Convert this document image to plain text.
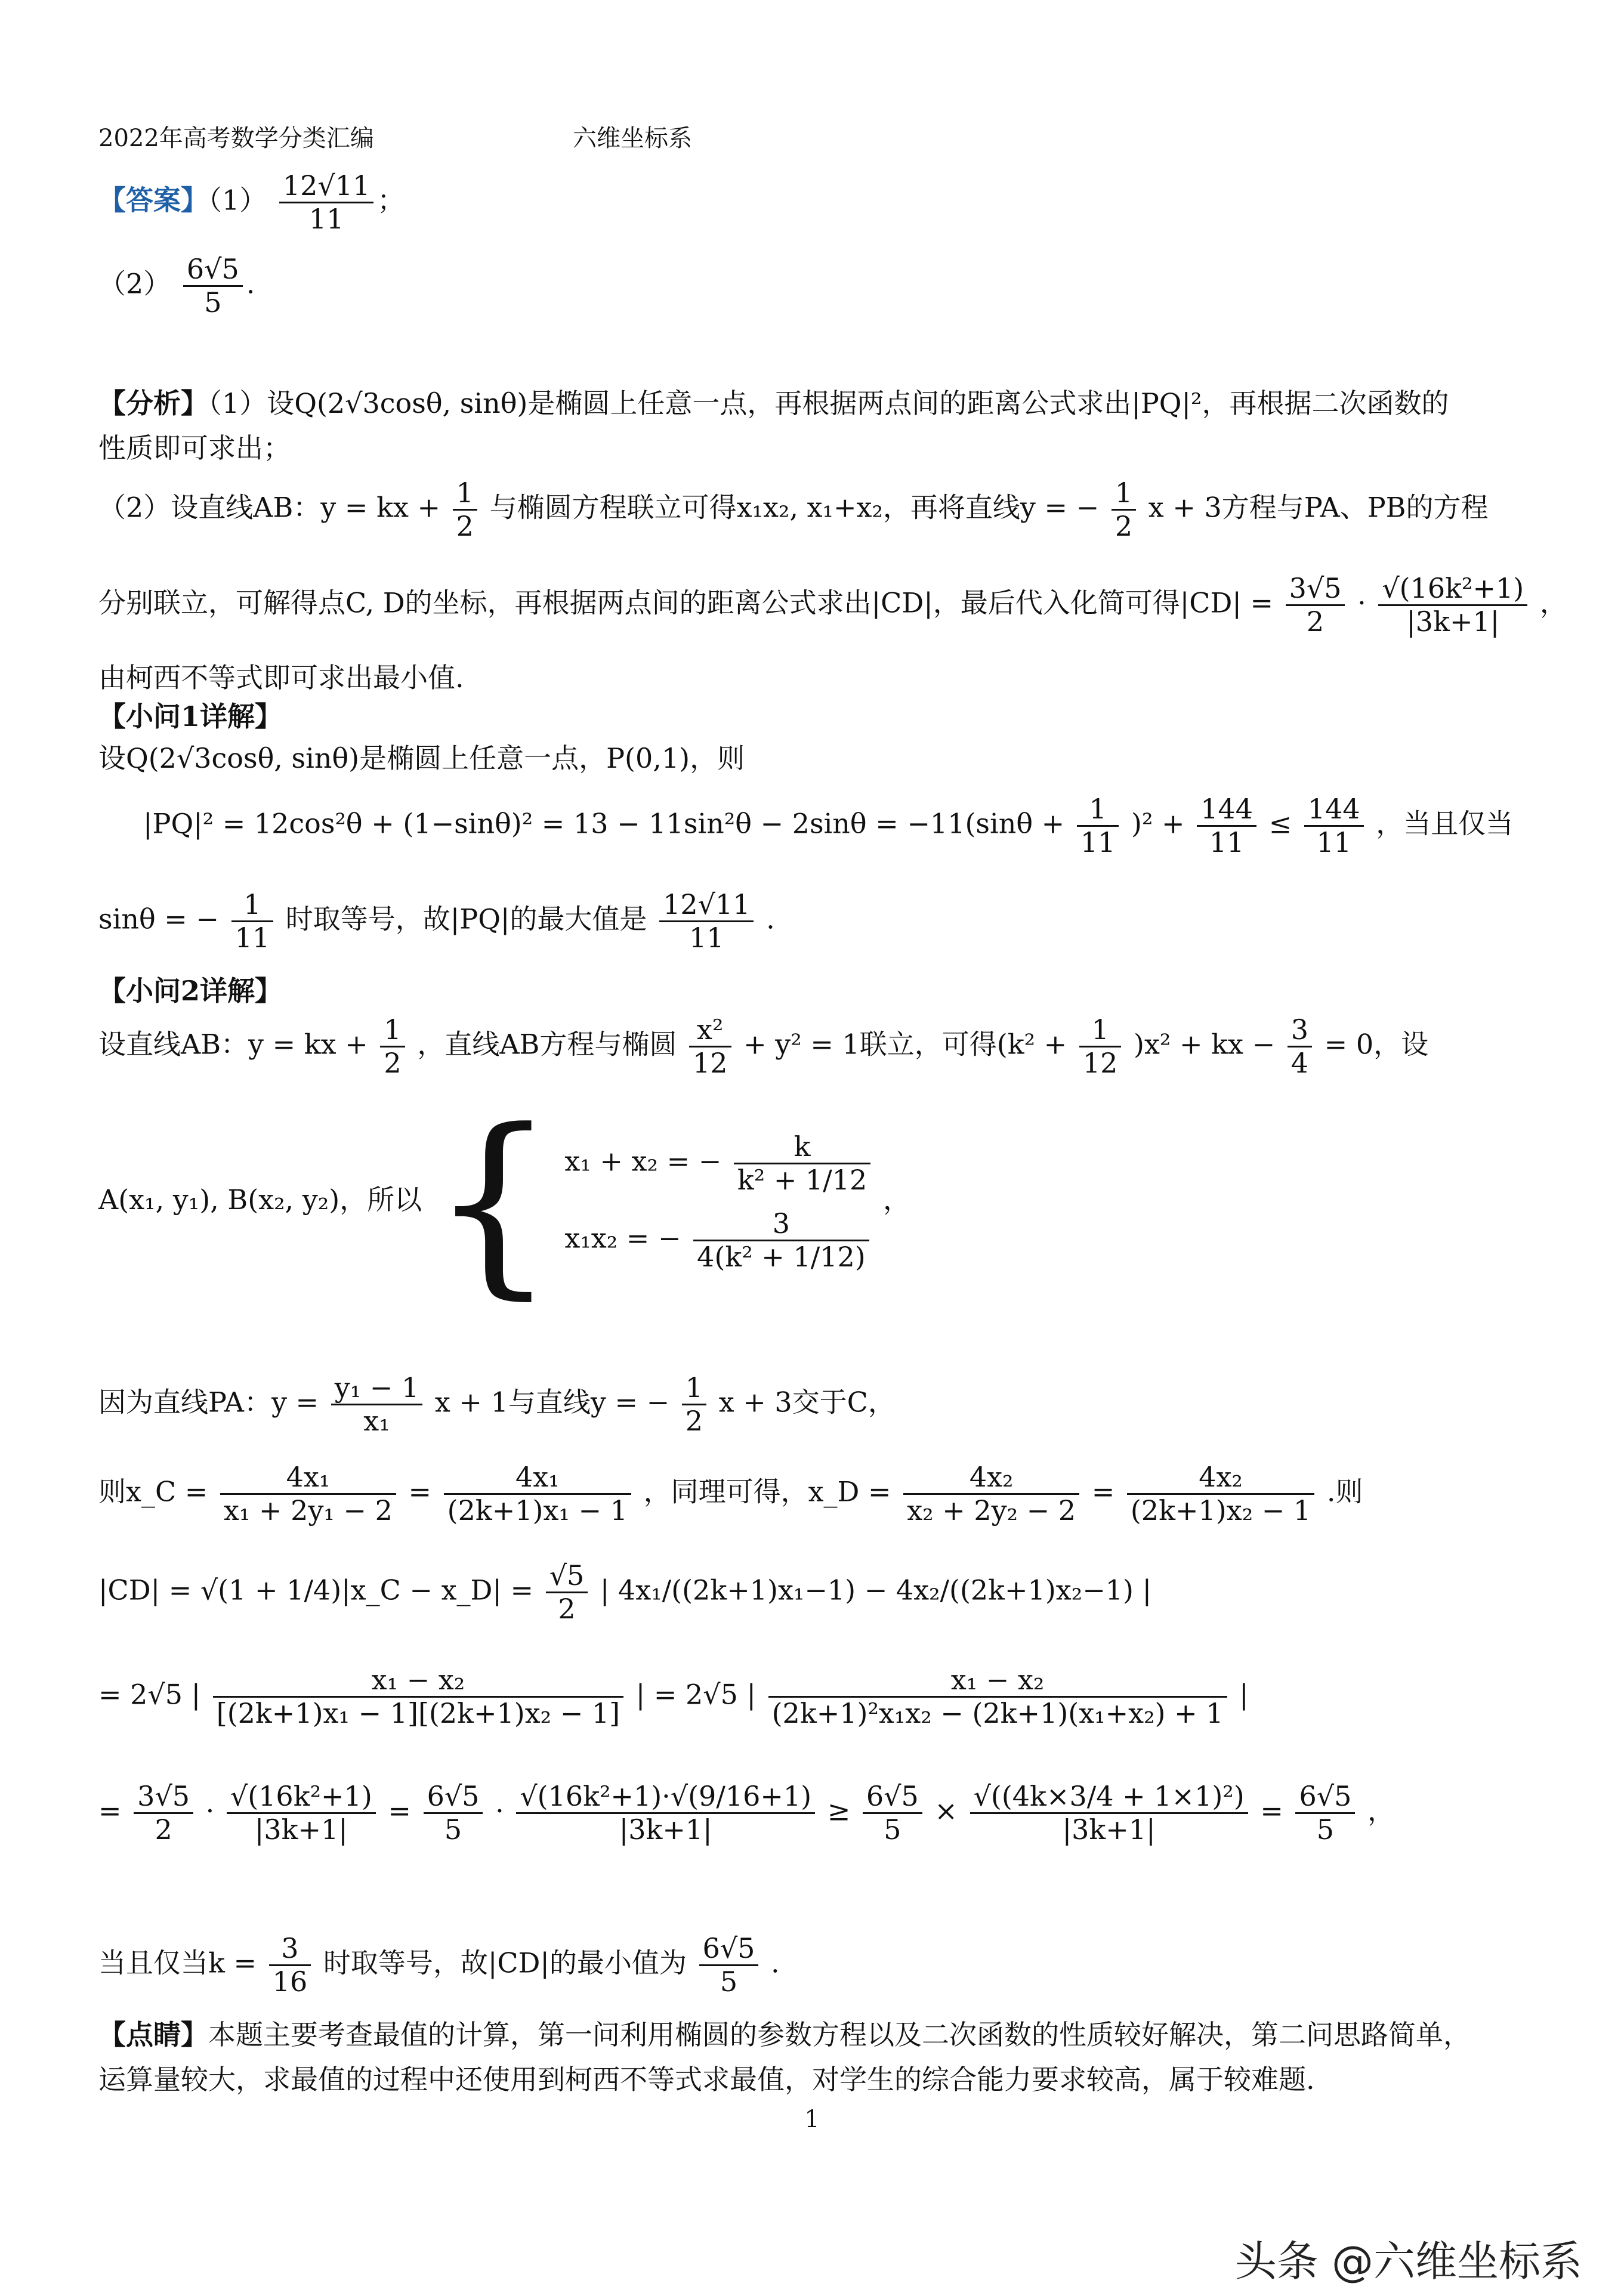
2022年高考数学分类汇编	六维坐标系
【答案】$(1) \frac{12√11}{11}$ ；
$(2) \frac{6√5}{5}$ .
【分析】（1）设Q(2√3cosθ, sinθ)是椭圆上任意一点，再根据两点间的距离公式求出|PQ|²，再根据二次函数的
性质即可求出；
（2）设直线AB：y = kx + $\frac{1}{2}$ 与椭圆方程联立可得x₁x₂, x₁+x₂，再将直线y = − $\frac{1}{2}$ x + 3方程与PA、PB的方程
分别联立，可解得点C, D的坐标，再根据两点间的距离公式求出|CD|，最后代入化简可得$|CD| = \frac{3√5}{2} \cdot \frac{\text{√(16k²+1)}}{|3k+1|}$ ，
由柯西不等式即可求出最小值.
【小问1详解】
设Q(2√3cosθ, sinθ)是椭圆上任意一点，P(0,1)，则
$|PQ|^2 = 12\cos^2\theta + (1-\sin\theta)^2 = 13 - 11\sin^2\theta - 2\sin\theta = -11(\sin\theta + \frac{1}{11} )^2 + \frac{144}{11} \le \frac{144}{11}$ ，当且仅当
sinθ = − $\frac{1}{11}$ 时取等号，故|PQ|的最大值是 $\frac{12√11}{11}$ .
【小问2详解】
设直线AB：y = kx + $\frac{1}{2}$ ，直线AB方程与椭圆 $\frac{\text{x²}}{12} + y^2 = 1$联立，可得$(k^2 + \frac{1}{12} )x^2$ + kx − $\frac{3}{4} = 0$，设
A(x₁, y₁), B(x₂, y₂)，所以 { x₁ + x₂ = − $\frac{k}{\text{k² + 1/12}}$
x₁x₂ = − $\frac{3}{\text{4(k² + 1/12)}}$
，
因为直线PA：$y = \frac{\text{y₁ − 1}}{\text{x₁}}$ x + 1与直线y = − $\frac{1}{2}$ x + 3交于C，
则x_C = $\frac{\text{4x₁}}{\text{x₁ + 2y₁ − 2}} = \frac{\text{4x₁}}{\text{(2k+1)x₁ − 1}}$ ，同理可得，x_D = $\frac{\text{4x₂}}{\text{x₂ + 2y₂ − 2}} = \frac{\text{4x₂}}{\text{(2k+1)x₂ − 1}}$ .则
|CD| = √(1 + 1/4)|x_C − x_D| = $\frac{√5}{2}$ | 4x₁/((2k+1)x₁−1) − 4x₂/((2k+1)x₂−1) |
= 2√5 | $\frac{\text{x₁ − x₂}}{\text{[(2k+1)x₁ − 1][(2k+1)x₂ − 1]}}$ | = 2√5 | $\frac{\text{x₁ − x₂}}{\text{(2k+1)²x₁x₂ − (2k+1)(x₁+x₂) + 1}}$ |
= $\frac{3√5}{2} \cdot \frac{\text{√(16k²+1)}}{|3k+1|} = \frac{6√5}{5} \cdot \frac{\text{√(16k²+1)·√(9/16+1)}}{|3k+1|} \ge \frac{6√5}{5} \times \frac{\text{√((4k×3/4 + 1×1)²)}}{|3k+1|} = \frac{6√5}{5}$ ，
当且仅当$k = \frac{3}{16}$ 时取等号，故|CD|的最小值为 $\frac{6√5}{5}$ .
【点睛】本题主要考查最值的计算，第一问利用椭圆的参数方程以及二次函数的性质较好解决，第二问思路简单，
运算量较大，求最值的过程中还使用到柯西不等式求最值，对学生的综合能力要求较高，属于较难题.
1
头条 @六维坐标系
